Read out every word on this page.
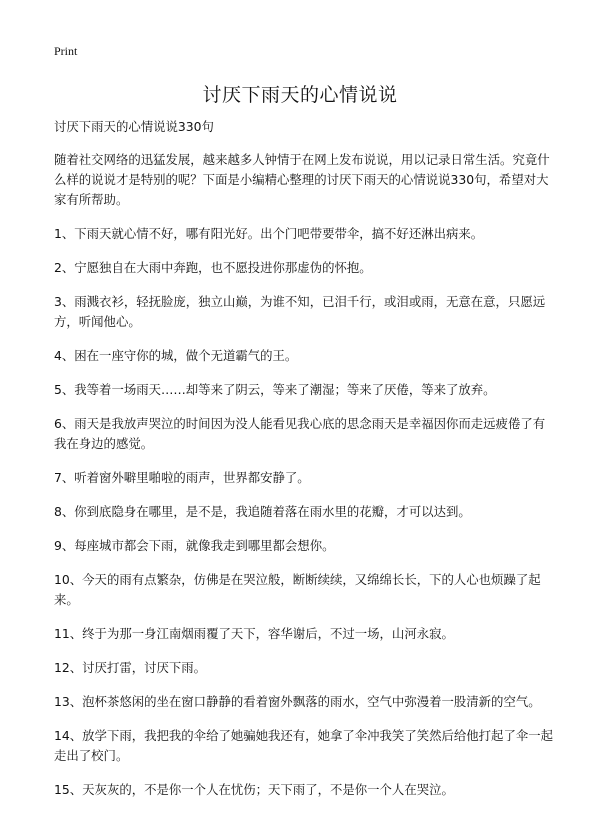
Print
讨厌下雨天的心情说说

讨厌下雨天的心情说说330句

随着社交网络的迅猛发展，越来越多人钟情于在网上发布说说，用以记录日常生活。究竟什么样的说说才是特别的呢？下面是小编精心整理的讨厌下雨天的心情说说330句，希望对大家有所帮助。

1、下雨天就心情不好，哪有阳光好。出个门吧带要带伞，搞不好还淋出病来。

2、宁愿独自在大雨中奔跑，也不愿投进你那虚伪的怀抱。

3、雨溅衣衫，轻抚脸庞，独立山巅，为谁不知，已泪千行，或泪或雨，无意在意，只愿远方，听闻他心。

4、困在一座守你的城，做个无道霸气的王。

5、我等着一场雨天……却等来了阴云，等来了潮湿；等来了厌倦，等来了放弃。

6、雨天是我放声哭泣的时间因为没人能看见我心底的思念雨天是幸福因你而走远疲倦了有我在身边的感觉。

7、听着窗外噼里啪啦的雨声，世界都安静了。

8、你到底隐身在哪里，是不是，我追随着落在雨水里的花瓣，才可以达到。

9、每座城市都会下雨，就像我走到哪里都会想你。

10、今天的雨有点繁杂，仿佛是在哭泣般，断断续续，又绵绵长长，下的人心也烦躁了起来。

11、终于为那一身江南烟雨覆了天下，容华谢后，不过一场，山河永寂。

12、讨厌打雷，讨厌下雨。

13、泡杯茶悠闲的坐在窗口静静的看着窗外飘落的雨水，空气中弥漫着一股清新的空气。

14、放学下雨，我把我的伞给了她骗她我还有，她拿了伞冲我笑了笑然后给他打起了伞一起走出了校门。

15、天灰灰的，不是你一个人在忧伤；天下雨了，不是你一个人在哭泣。
